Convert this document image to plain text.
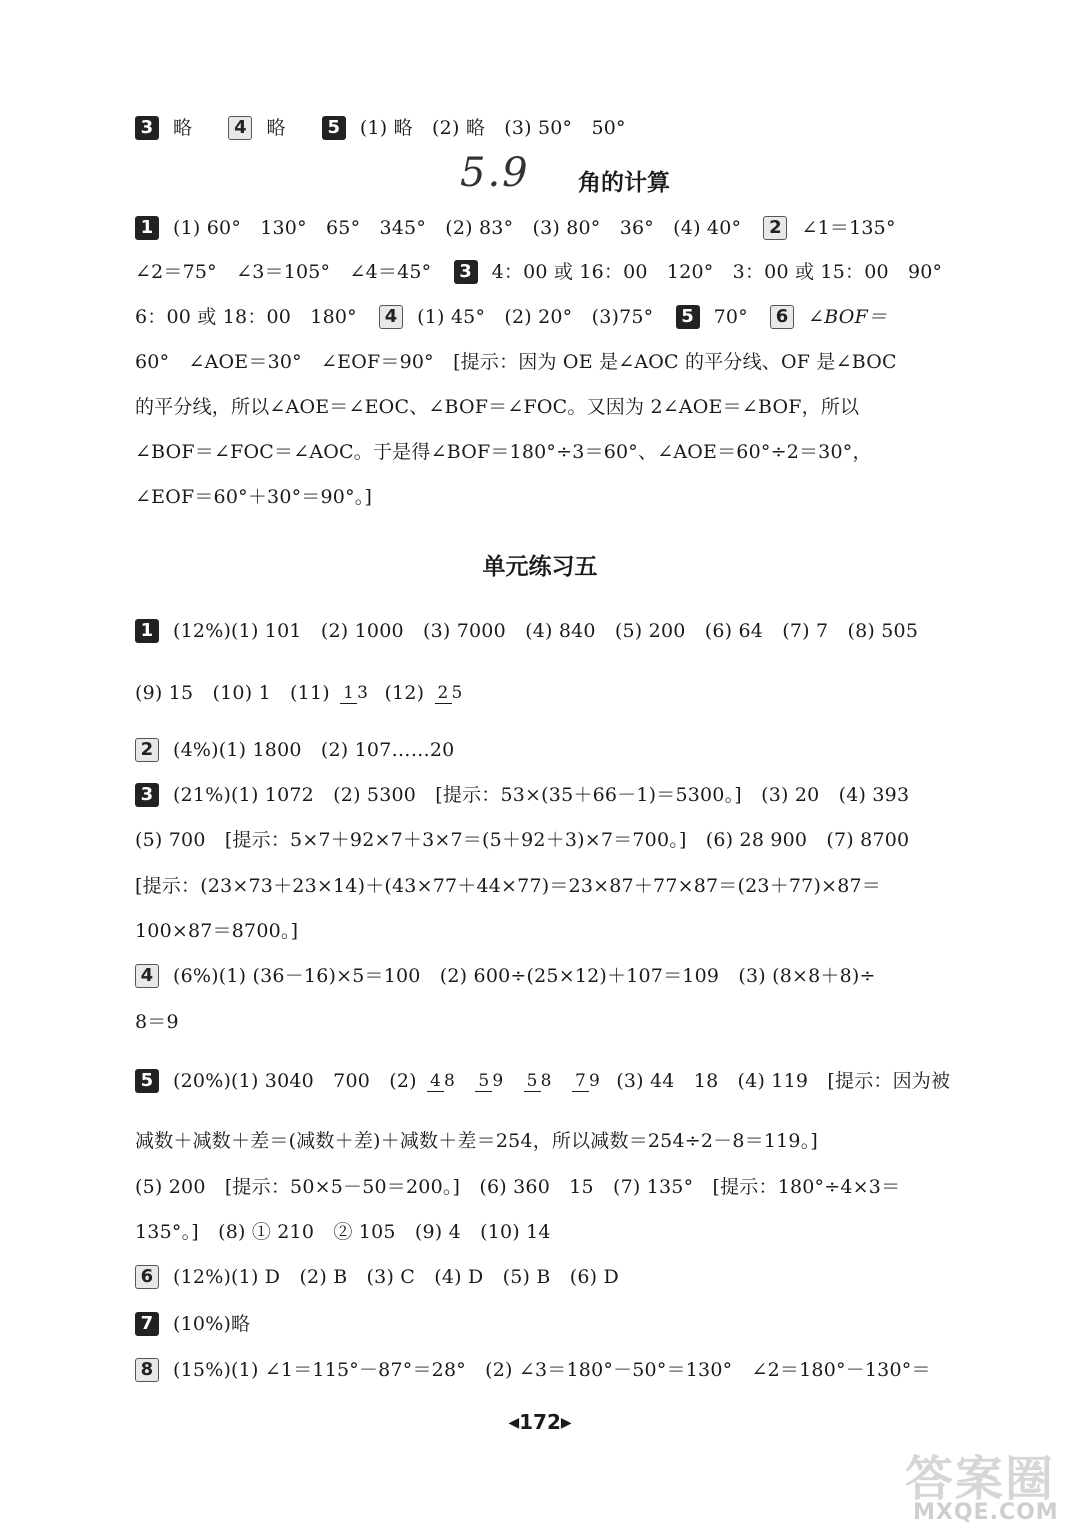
3 略 4 略 5 (1) 略　(2) 略　(3) 50°　50°
5.9 角的计算
1 (1) 60°　130°　65°　345°　(2) 83°　(3) 80°　36°　(4) 40° 2 ∠1＝135°
∠2＝75°　∠3＝105°　∠4＝45° 3 4：00 或 16：00　120°　3：00 或 15：00　90°
6：00 或 18：00　180° 4 (1) 45°　(2) 20°　(3)75° 5 70° 6 ∠BOF＝
60°　∠AOE＝30°　∠EOF＝90°　[提示：因为 OE 是∠AOC 的平分线、OF 是∠BOC
的平分线，所以∠AOE＝∠EOC、∠BOF＝∠FOC。又因为 2∠AOE＝∠BOF，所以
∠BOF＝∠FOC＝∠AOC。于是得∠BOF＝180°÷3＝60°、∠AOE＝60°÷2＝30°，
∠EOF＝60°＋30°＝90°。]
单元练习五
1 (12%)(1) 101　(2) 1000　(3) 7000　(4) 840　(5) 200　(6) 64　(7) 7　(8) 505
(9) 15　(10) 1　(11) 1 3 (12) 2 5
2 (4%)(1) 1800　(2) 107……20
3 (21%)(1) 1072　(2) 5300　[提示：53×(35＋66－1)＝5300。]　(3) 20　(4) 393
(5) 700　[提示：5×7＋92×7＋3×7＝(5＋92＋3)×7＝700。]　(6) 28 900　(7) 8700
[提示：(23×73＋23×14)＋(43×77＋44×77)＝23×87＋77×87＝(23＋77)×87＝
100×87＝8700。]
4 (6%)(1) (36－16)×5＝100　(2) 600÷(25×12)＋107＝109　(3) (8×8＋8)÷
8＝9
5 (20%)(1) 3040　700　(2) 4 8 5 9 5 8 7 9 (3) 44　18　(4) 119　[提示：因为被
减数＋减数＋差＝(减数＋差)＋减数＋差＝254，所以减数＝254÷2－8＝119。]
(5) 200　[提示：50×5－50＝200。]　(6) 360　15　(7) 135°　[提示：180°÷4×3＝
135°。]　(8) ① 210　② 105　(9) 4　(10) 14
6 (12%)(1) D　(2) B　(3) C　(4) D　(5) B　(6) D
7 (10%)略
8 (15%)(1) ∠1＝115°－87°＝28°　(2) ∠3＝180°－50°＝130°　∠2＝180°－130°＝
◀172▶
答案圈
MXQE.COM
